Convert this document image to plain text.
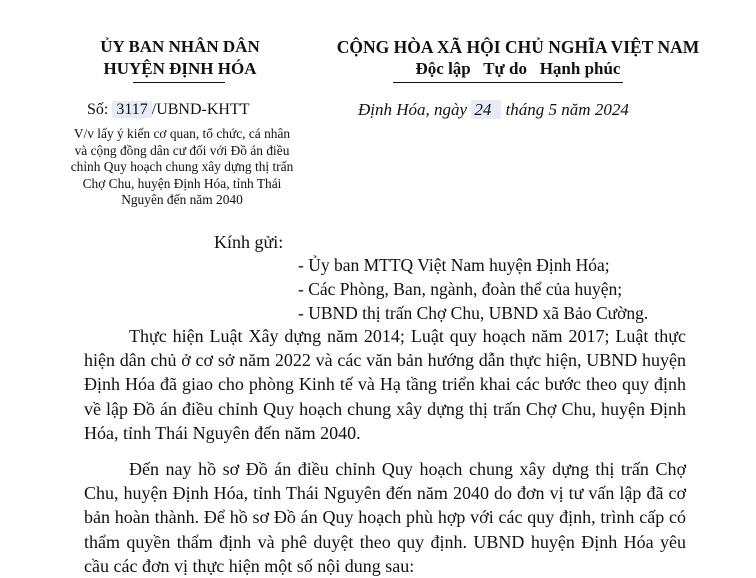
ỦY BAN NHÂN DÂN
HUYỆN ĐỊNH HÓA
CỘNG HÒA XÃ HỘI CHỦ NGHĨA VIỆT NAM
Độc lập   Tự do   Hạnh phúc
Số: 3117 /UBND-KHTT	Định Hóa, ngày 24 tháng 5 năm 2024
V/v lấy ý kiến cơ quan, tổ chức, cá nhân
và cộng đồng dân cư đối với Đồ án điều
chỉnh Quy hoạch chung xây dựng thị trấn
Chợ Chu, huyện Định Hóa, tỉnh Thái
Nguyên đến năm 2040
Kính gửi:
- Ủy ban MTTQ Việt Nam huyện Định Hóa;
- Các Phòng, Ban, ngành, đoàn thể của huyện;
- UBND thị trấn Chợ Chu, UBND xã Bảo Cường.
Thực hiện Luật Xây dựng năm 2014; Luật quy hoạch năm 2017; Luật thực hiện dân chủ ở cơ sở năm 2022 và các văn bản hướng dẫn thực hiện, UBND huyện Định Hóa đã giao cho phòng Kinh tế và Hạ tầng triển khai các bước theo quy định về lập Đồ án điều chỉnh Quy hoạch chung xây dựng thị trấn Chợ Chu, huyện Định Hóa, tỉnh Thái Nguyên đến năm 2040.
Đến nay hồ sơ Đồ án điều chỉnh Quy hoạch chung xây dựng thị trấn Chợ Chu, huyện Định Hóa, tỉnh Thái Nguyên đến năm 2040 do đơn vị tư vấn lập đã cơ bản hoàn thành. Để hồ sơ Đồ án Quy hoạch phù hợp với các quy định, trình cấp có thẩm quyền thẩm định và phê duyệt theo quy định. UBND huyện Định Hóa yêu cầu các đơn vị thực hiện một số nội dung sau:
